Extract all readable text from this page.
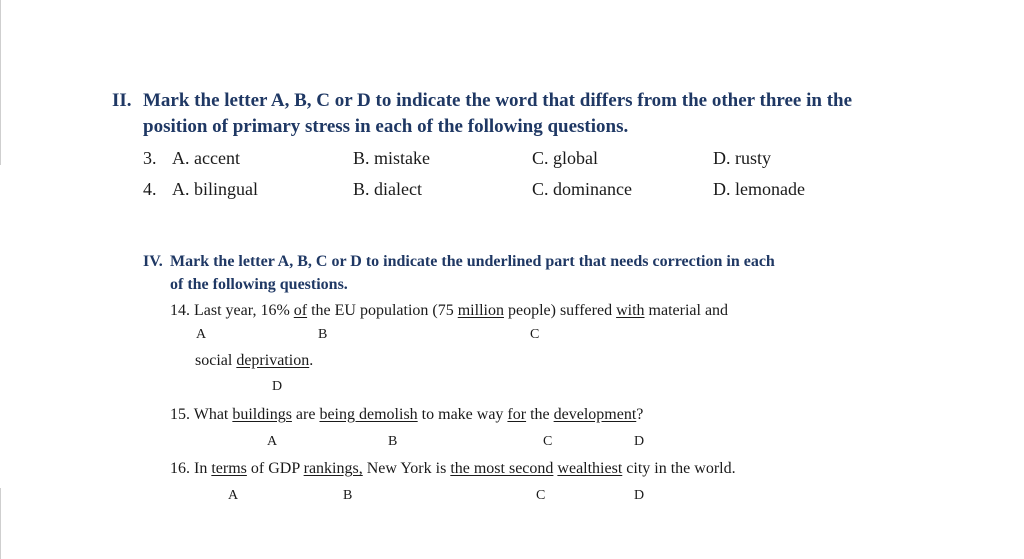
II. Mark the letter A, B, C or D to indicate the word that differs from the other three in the
position of primary stress in each of the following questions.
3. A. accent	B. mistake	C. global	D. rusty
4. A. bilingual	B. dialect	C. dominance	D. lemonade
IV. Mark the letter A, B, C or D to indicate the underlined part that needs correction in each
of the following questions.
14. Last year, 16% of the EU population (75 million people) suffered with material and
A	B	C
social deprivation.
D
15. What buildings are being demolish to make way for the development?
A	B	C	D
16. In terms of GDP rankings, New York is the most second wealthiest city in the world.
A	B	C	D
